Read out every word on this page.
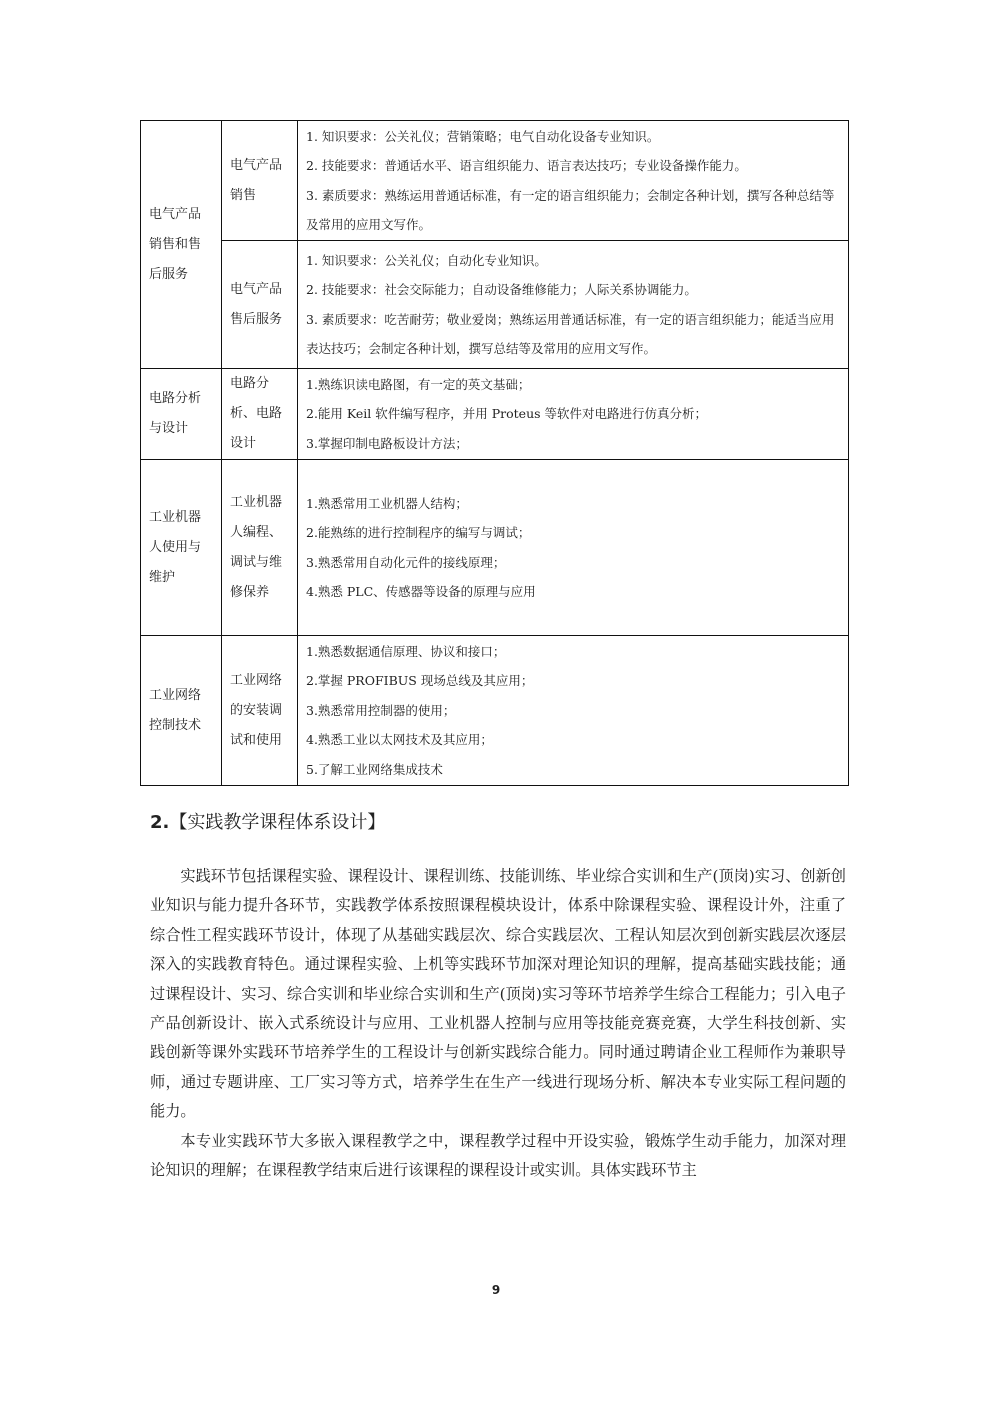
电气产品销售和售后服务	电气产品销售	1. 知识要求：公关礼仪；营销策略；电气自动化设备专业知识。
2. 技能要求：普通话水平、语言组织能力、语言表达技巧；专业设备操作能力。
3. 素质要求：熟练运用普通话标准，有一定的语言组织能力；会制定各种计划，撰写各种总结等及常用的应用文写作。

	电气产品售后服务	1. 知识要求：公关礼仪；自动化专业知识。
2. 技能要求：社会交际能力；自动设备维修能力；人际关系协调能力。
3. 素质要求：吃苦耐劳；敬业爱岗；熟练运用普通话标准，有一定的语言组织能力；能适当应用表达技巧；会制定各种计划，撰写总结等及常用的应用文写作。

电路分析与设计	电路分析、电路设计	1.熟练识读电路图，有一定的英文基础；
2.能用 Keil 软件编写程序，并用 Proteus 等软件对电路进行仿真分析；
3.掌握印制电路板设计方法；

工业机器人使用与维护	工业机器人编程、调试与维修保养	1.熟悉常用工业机器人结构；
2.能熟练的进行控制程序的编写与调试；
3.熟悉常用自动化元件的接线原理；
4.熟悉 PLC、传感器等设备的原理与应用

工业网络控制技术	工业网络的安装调试和使用	1.熟悉数据通信原理、协议和接口；
2.掌握 PROFIBUS 现场总线及其应用；
3.熟悉常用控制器的使用；
4.熟悉工业以太网技术及其应用；
5.了解工业网络集成技术
2.【实践教学课程体系设计】

实践环节包括课程实验、课程设计、课程训练、技能训练、毕业综合实训和生产(顶岗)实习、创新创业知识与能力提升各环节，实践教学体系按照课程模块设计，体系中除课程实验、课程设计外，注重了综合性工程实践环节设计，体现了从基础实践层次、综合实践层次、工程认知层次到创新实践层次逐层深入的实践教育特色。通过课程实验、上机等实践环节加深对理论知识的理解，提高基础实践技能；通过课程设计、实习、综合实训和毕业综合实训和生产(顶岗)实习等环节培养学生综合工程能力；引入电子产品创新设计、嵌入式系统设计与应用、工业机器人控制与应用等技能竞赛竞赛，大学生科技创新、实践创新等课外实践环节培养学生的工程设计与创新实践综合能力。同时通过聘请企业工程师作为兼职导师，通过专题讲座、工厂实习等方式，培养学生在生产一线进行现场分析、解决本专业实际工程问题的能力。

本专业实践环节大多嵌入课程教学之中，课程教学过程中开设实验，锻炼学生动手能力，加深对理论知识的理解；在课程教学结束后进行该课程的课程设计或实训。具体实践环节主

9
